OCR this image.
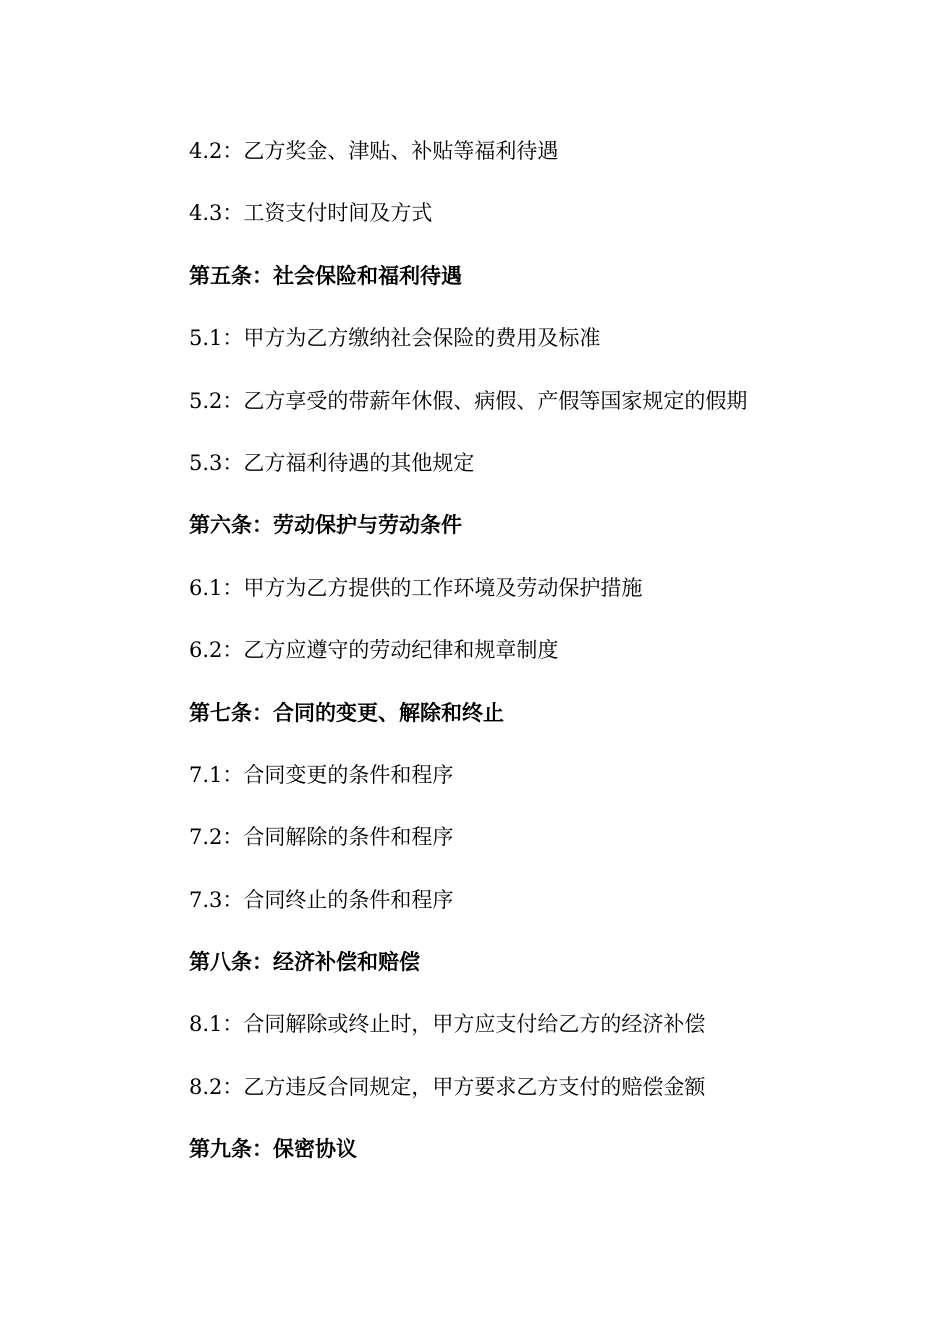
4.2：乙方奖金、津贴、补贴等福利待遇
4.3：工资支付时间及方式
第五条：社会保险和福利待遇
5.1：甲方为乙方缴纳社会保险的费用及标准
5.2：乙方享受的带薪年休假、病假、产假等国家规定的假期
5.3：乙方福利待遇的其他规定
第六条：劳动保护与劳动条件
6.1：甲方为乙方提供的工作环境及劳动保护措施
6.2：乙方应遵守的劳动纪律和规章制度
第七条：合同的变更、解除和终止
7.1：合同变更的条件和程序
7.2：合同解除的条件和程序
7.3：合同终止的条件和程序
第八条：经济补偿和赔偿
8.1：合同解除或终止时，甲方应支付给乙方的经济补偿
8.2：乙方违反合同规定，甲方要求乙方支付的赔偿金额
第九条：保密协议
